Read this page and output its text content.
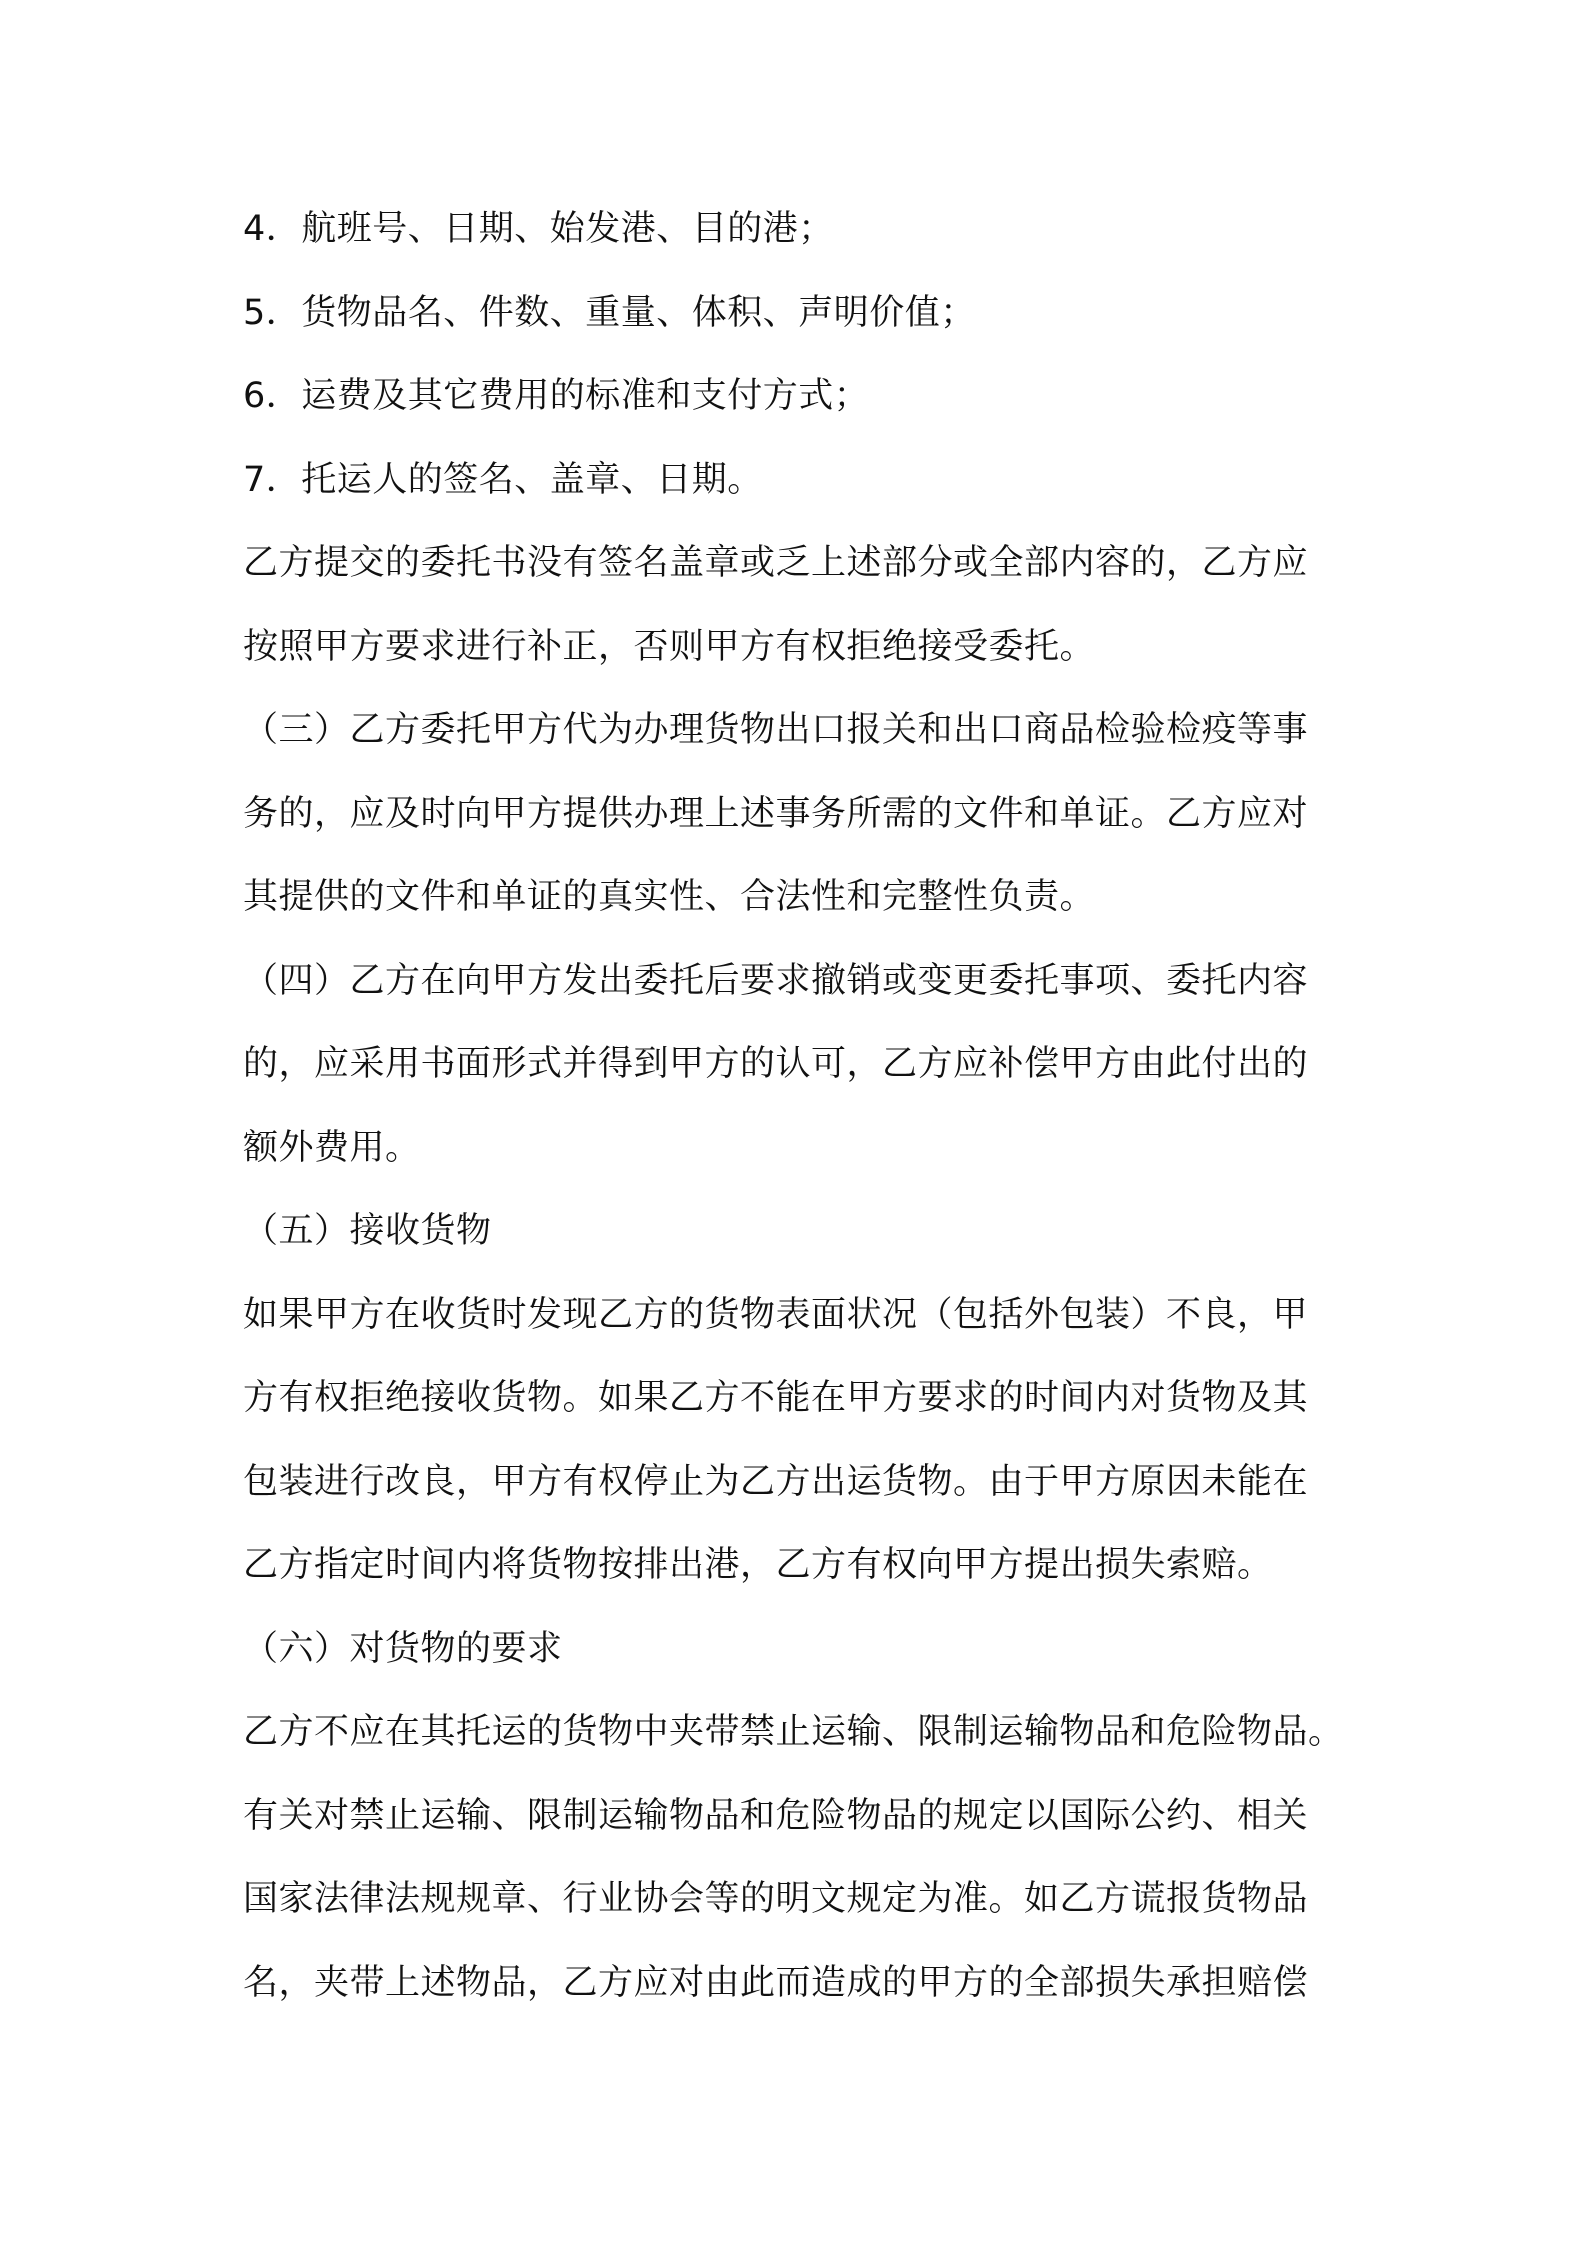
4．航班号、日期、始发港、目的港；
5．货物品名、件数、重量、体积、声明价值；
6．运费及其它费用的标准和支付方式；
7．托运人的签名、盖章、日期。
乙方提交的委托书没有签名盖章或乏上述部分或全部内容的，乙方应
按照甲方要求进行补正，否则甲方有权拒绝接受委托。
（三）乙方委托甲方代为办理货物出口报关和出口商品检验检疫等事
务的，应及时向甲方提供办理上述事务所需的文件和单证。乙方应对
其提供的文件和单证的真实性、合法性和完整性负责。
（四）乙方在向甲方发出委托后要求撤销或变更委托事项、委托内容
的，应采用书面形式并得到甲方的认可，乙方应补偿甲方由此付出的
额外费用。
（五）接收货物
如果甲方在收货时发现乙方的货物表面状况（包括外包装）不良，甲
方有权拒绝接收货物。如果乙方不能在甲方要求的时间内对货物及其
包装进行改良，甲方有权停止为乙方出运货物。由于甲方原因未能在
乙方指定时间内将货物按排出港，乙方有权向甲方提出损失索赔。
（六）对货物的要求
乙方不应在其托运的货物中夹带禁止运输、限制运输物品和危险物品。
有关对禁止运输、限制运输物品和危险物品的规定以国际公约、相关
国家法律法规规章、行业协会等的明文规定为准。如乙方谎报货物品
名，夹带上述物品，乙方应对由此而造成的甲方的全部损失承担赔偿
